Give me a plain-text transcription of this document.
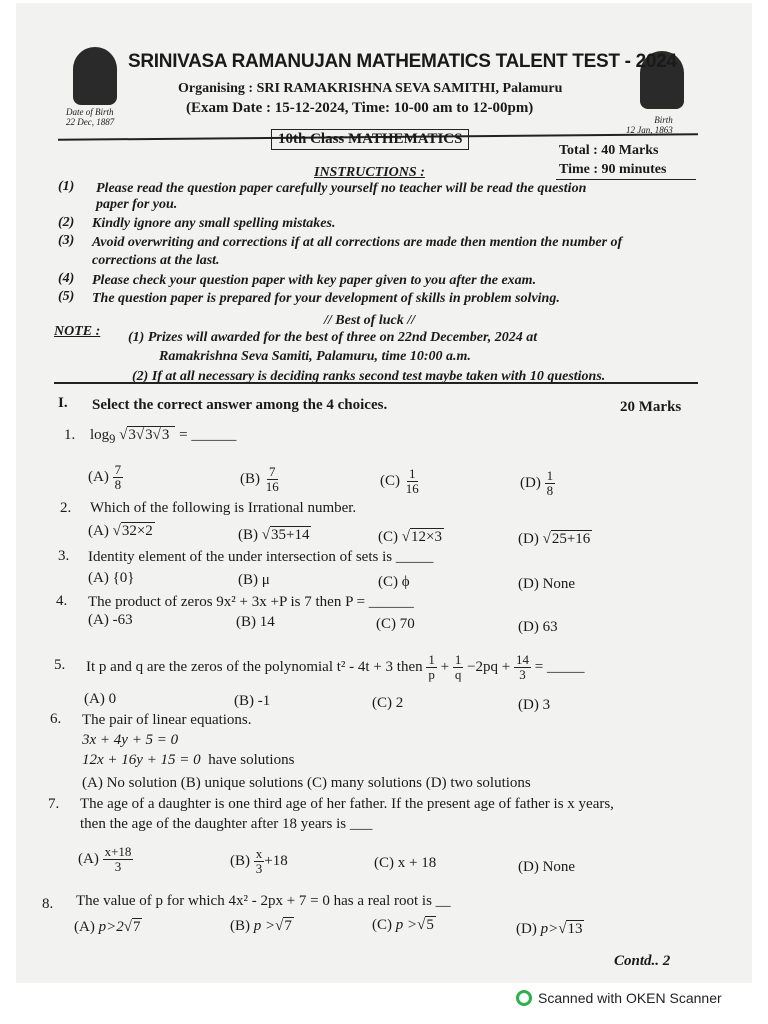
SRINIVASA RAMANUJAN MATHEMATICS TALENT TEST - 2024
Organising : SRI RAMAKRISHNA SEVA SAMITHI, Palamuru
(Exam Date : 15-12-2024, Time: 10-00 am to 12-00pm)
Date of Birth
22 Dec, 1887	Birth
12 Jan, 1863
10th Class MATHEMATICS
Total : 40 Marks
Time : 90 minutes
INSTRUCTIONS :
(1) Please read the question paper carefully yourself no teacher will be read the question
paper for you.
(2) Kindly ignore any small spelling mistakes.
(3) Avoid overwriting and corrections if at all corrections are made then mention the number of
corrections at the last.
(4) Please check your question paper with key paper given to you after the exam.
(5) The question paper is prepared for your development of skills in problem solving.
// Best of luck //
NOTE : (1) Prizes will awarded for the best of three on 22nd December, 2024 at
Ramakrishna Seva Samiti, Palamuru, time 10:00 a.m.
(2) If at all necessary is deciding ranks second test maybe taken with 10 questions.
I. Select the correct answer among the 4 choices.	20 Marks
1. $\log_9 √3√3√3$ = ______
$(A) \frac{7}{8}$	$(B) \frac{7}{16}$	$(C) \frac{1}{16}$	$(D) \frac{1}{8}$
2. Which of the following is Irrational number.
(A) √32×2	(B) √35+14	(C) √12×3	(D) √25+16
3. Identity element of the under intersection of sets is _____
(A) {0}	(B) μ	(C) ϕ	(D) None
4. The product of zeros 9x² + 3x +P is 7 then P = ______
(A) -63	(B) 14	(C) 70	(D) 63
5. It p and q are the zeros of the polynomial t² - 4t + 3 then $\frac{1}{p} + \frac{1}{q} -2pq + \frac{14}{3}$ = _____
(A) 0	(B) -1	(C) 2	(D) 3
6. The pair of linear equations.
3x + 4y + 5 = 0
12x + 16y + 15 = 0 have solutions
(A) No solution (B) unique solutions (C) many solutions (D) two solutions
7. The age of a daughter is one third age of her father. If the present age of father is x years,
then the age of the daughter after 18 years is ___
$(A) \frac{x+18}{3}$	$(B) \frac{x}{3} +18$	(C) x + 18	(D) None
8. The value of p for which 4x² - 2px + 7 = 0 has a real root is __
(A) p>2√7	(B) p >√7	(C) p >√5	(D) p>√13
Contd.. 2
Scanned with OKEN Scanner
